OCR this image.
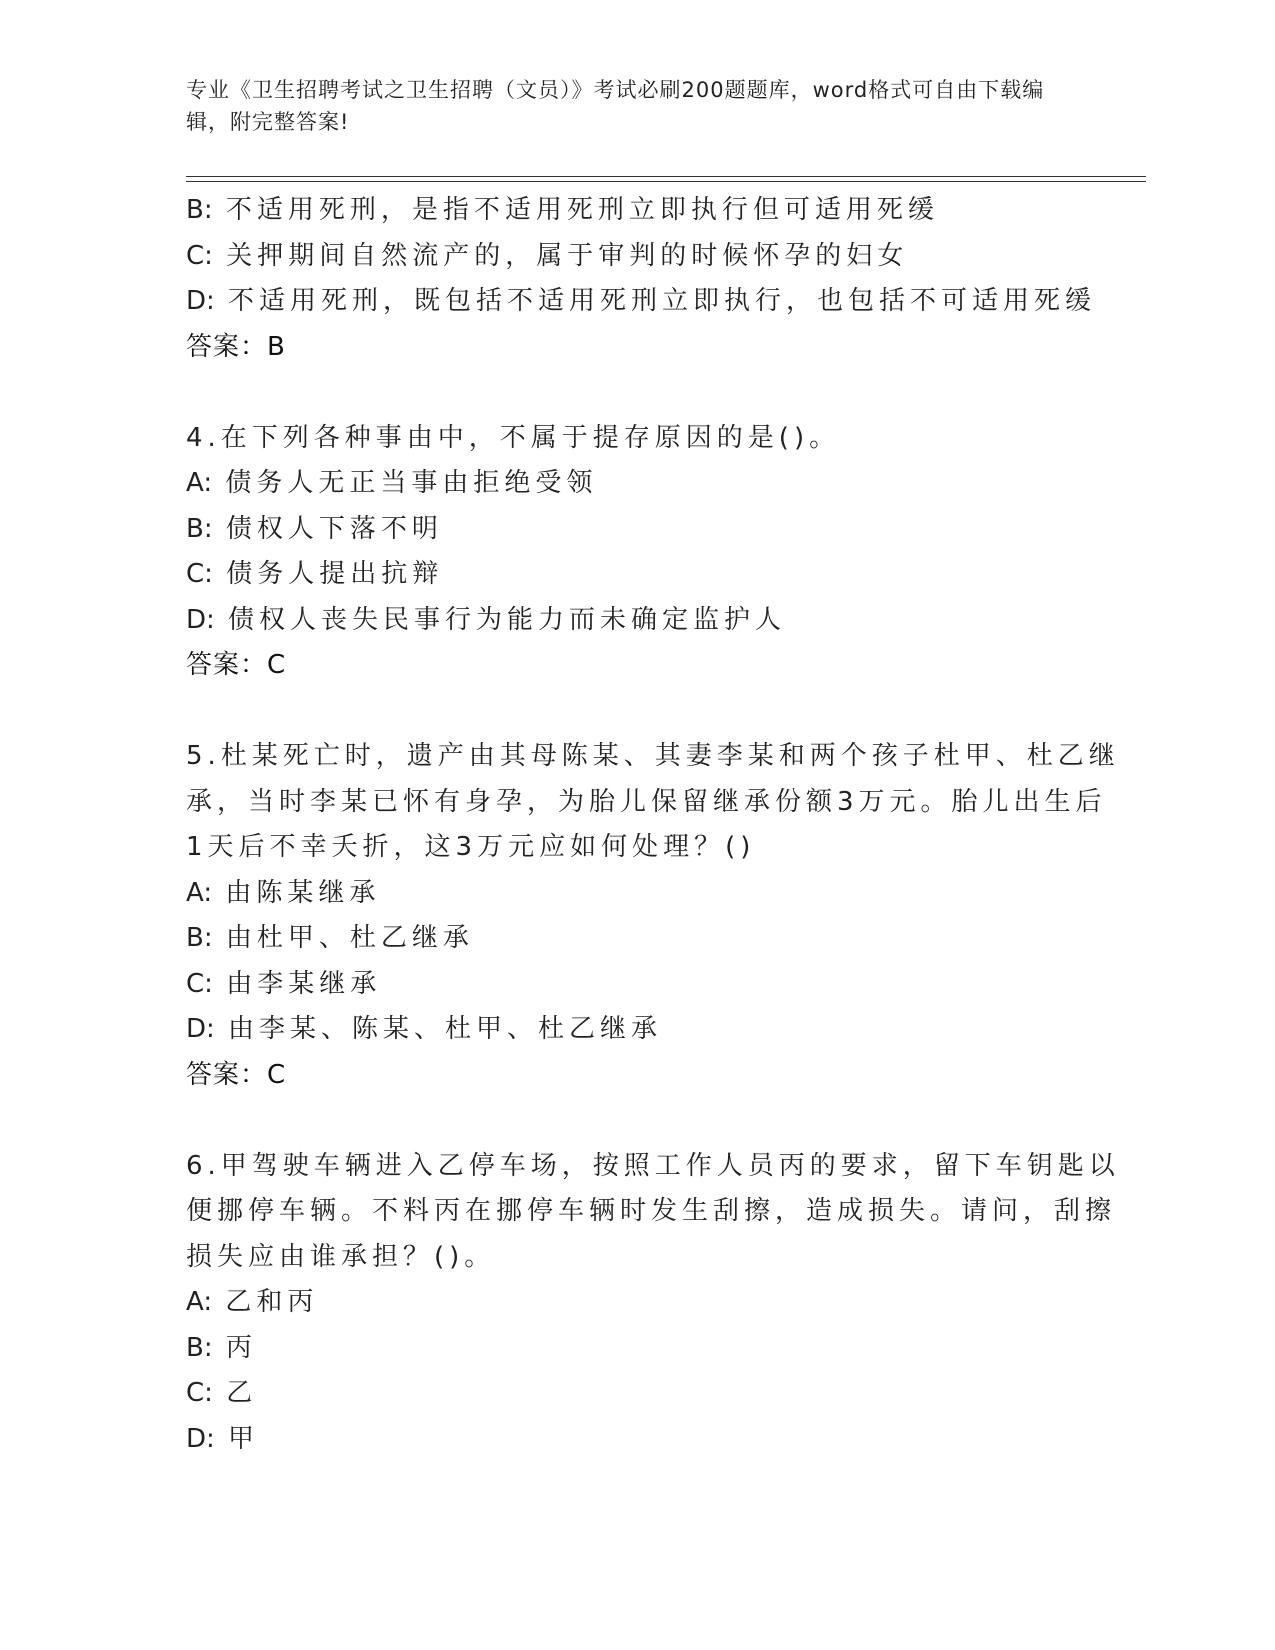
专业《卫生招聘考试之卫生招聘（文员）》考试必刷200题题库，word格式可自由下载编辑，附完整答案!
B: 不适用死刑，是指不适用死刑立即执行但可适用死缓
C: 关押期间自然流产的，属于审判的时候怀孕的妇女
D: 不适用死刑，既包括不适用死刑立即执行，也包括不可适用死缓
答案：B
4.在下列各种事由中，不属于提存原因的是()。
A: 债务人无正当事由拒绝受领
B: 债权人下落不明
C: 债务人提出抗辩
D: 债权人丧失民事行为能力而未确定监护人
答案：C
5.杜某死亡时，遗产由其母陈某、其妻李某和两个孩子杜甲、杜乙继
承，当时李某已怀有身孕，为胎儿保留继承份额3万元。胎儿出生后
1天后不幸夭折，这3万元应如何处理？()
A: 由陈某继承
B: 由杜甲、杜乙继承
C: 由李某继承
D: 由李某、陈某、杜甲、杜乙继承
答案：C
6.甲驾驶车辆进入乙停车场，按照工作人员丙的要求，留下车钥匙以
便挪停车辆。不料丙在挪停车辆时发生刮擦，造成损失。请问，刮擦
损失应由谁承担？()。
A: 乙和丙
B: 丙
C: 乙
D: 甲
